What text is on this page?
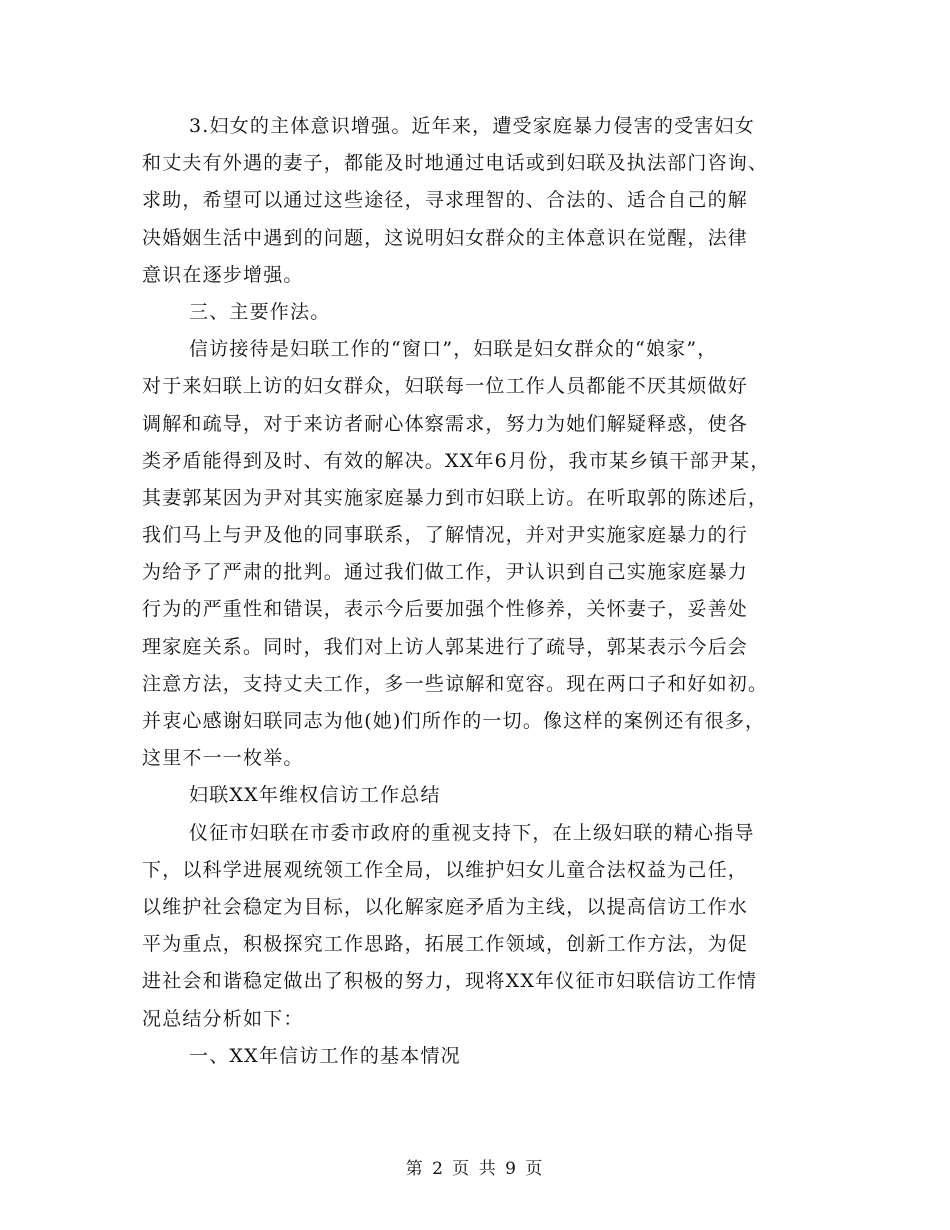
3.妇女的主体意识增强。近年来，遭受家庭暴力侵害的受害妇女
和丈夫有外遇的妻子，都能及时地通过电话或到妇联及执法部门咨询、
求助，希望可以通过这些途径，寻求理智的、合法的、适合自己的解
决婚姻生活中遇到的问题，这说明妇女群众的主体意识在觉醒，法律
意识在逐步增强。
三、主要作法。
信访接待是妇联工作的“窗口”，妇联是妇女群众的“娘家”，
对于来妇联上访的妇女群众，妇联每一位工作人员都能不厌其烦做好
调解和疏导，对于来访者耐心体察需求，努力为她们解疑释惑，使各
类矛盾能得到及时、有效的解决。XX年6月份，我市某乡镇干部尹某，
其妻郭某因为尹对其实施家庭暴力到市妇联上访。在听取郭的陈述后，
我们马上与尹及他的同事联系，了解情况，并对尹实施家庭暴力的行
为给予了严肃的批判。通过我们做工作，尹认识到自己实施家庭暴力
行为的严重性和错误，表示今后要加强个性修养，关怀妻子，妥善处
理家庭关系。同时，我们对上访人郭某进行了疏导，郭某表示今后会
注意方法，支持丈夫工作，多一些谅解和宽容。现在两口子和好如初。
并衷心感谢妇联同志为他(她)们所作的一切。像这样的案例还有很多，
这里不一一枚举。
妇联XX年维权信访工作总结
仪征市妇联在市委市政府的重视支持下，在上级妇联的精心指导
下，以科学进展观统领工作全局，以维护妇女儿童合法权益为己任，
以维护社会稳定为目标，以化解家庭矛盾为主线，以提高信访工作水
平为重点，积极探究工作思路，拓展工作领域，创新工作方法，为促
进社会和谐稳定做出了积极的努力，现将XX年仪征市妇联信访工作情
况总结分析如下：
一、XX年信访工作的基本情况
第 2 页 共 9 页
